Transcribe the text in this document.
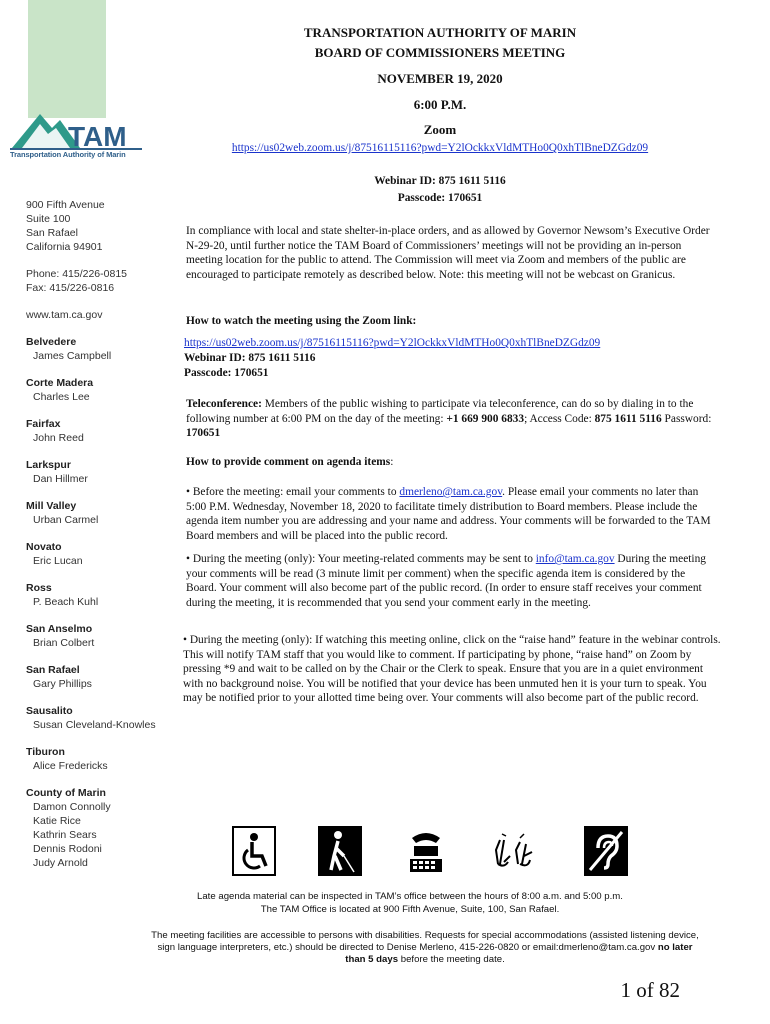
TAM
Transportation Authority of Marin
TRANSPORTATION AUTHORITY OF MARIN
BOARD OF COMMISSIONERS MEETING
NOVEMBER 19, 2020
6:00 P.M.
Zoom
https://us02web.zoom.us/j/87516115116?pwd=Y2lOckkxVldMTHo0Q0xhTlBneDZGdz09
Webinar ID: 875 1611 5116
Passcode: 170651
900 Fifth Avenue
Suite 100
San Rafael
California 94901
Phone: 415/226-0815
Fax: 415/226-0816
www.tam.ca.gov
Belvedere
James Campbell
Corte Madera
Charles Lee
Fairfax
John Reed
Larkspur
Dan Hillmer
Mill Valley
Urban Carmel
Novato
Eric Lucan
Ross
P. Beach Kuhl
San Anselmo
Brian Colbert
San Rafael
Gary Phillips
Sausalito
Susan Cleveland-Knowles
Tiburon
Alice Fredericks
County of Marin
Damon Connolly
Katie Rice
Kathrin Sears
Dennis Rodoni
Judy Arnold
In compliance with local and state shelter-in-place orders, and as allowed by Governor Newsom’s Executive Order N-29-20, until further notice the TAM Board of Commissioners’ meetings will not be providing an in-person meeting location for the public to attend. The Commission will meet via Zoom and members of the public are encouraged to participate remotely as described below. Note: this meeting will not be webcast on Granicus.
How to watch the meeting using the Zoom link:
https://us02web.zoom.us/j/87516115116?pwd=Y2lOckkxVldMTHo0Q0xhTlBneDZGdz09
Webinar ID: 875 1611 5116
Passcode: 170651
Teleconference: Members of the public wishing to participate via teleconference, can do so by dialing in to the following number at 6:00 PM on the day of the meeting: +1 669 900 6833; Access Code: 875 1611 5116 Password: 170651
How to provide comment on agenda items:
• Before the meeting: email your comments to dmerleno@tam.ca.gov. Please email your comments no later than 5:00 P.M. Wednesday, November 18, 2020 to facilitate timely distribution to Board members. Please include the agenda item number you are addressing and your name and address. Your comments will be forwarded to the TAM Board members and will be placed into the public record.
• During the meeting (only): Your meeting-related comments may be sent to info@tam.ca.gov During the meeting your comments will be read (3 minute limit per comment) when the specific agenda item is considered by the Board. Your comment will also become part of the public record. (In order to ensure staff receives your comment during the meeting, it is recommended that you send your comment early in the meeting.
• During the meeting (only): If watching this meeting online, click on the “raise hand” feature in the webinar controls. This will notify TAM staff that you would like to comment. If participating by phone, “raise hand” on Zoom by pressing *9 and wait to be called on by the Chair or the Clerk to speak. Ensure that you are in a quiet environment with no background noise. You will be notified that your device has been unmuted hen it is your turn to speak. You may be notified prior to your allotted time being over. Your comments will also become part of the public record.
Late agenda material can be inspected in TAM’s office between the hours of 8:00 a.m. and 5:00 p.m.
The TAM Office is located at 900 Fifth Avenue, Suite, 100, San Rafael.
The meeting facilities are accessible to persons with disabilities. Requests for special accommodations (assisted listening device, sign language interpreters, etc.) should be directed to Denise Merleno, 415-226-0820 or email:dmerleno@tam.ca.gov no later than 5 days before the meeting date.
1 of 82
